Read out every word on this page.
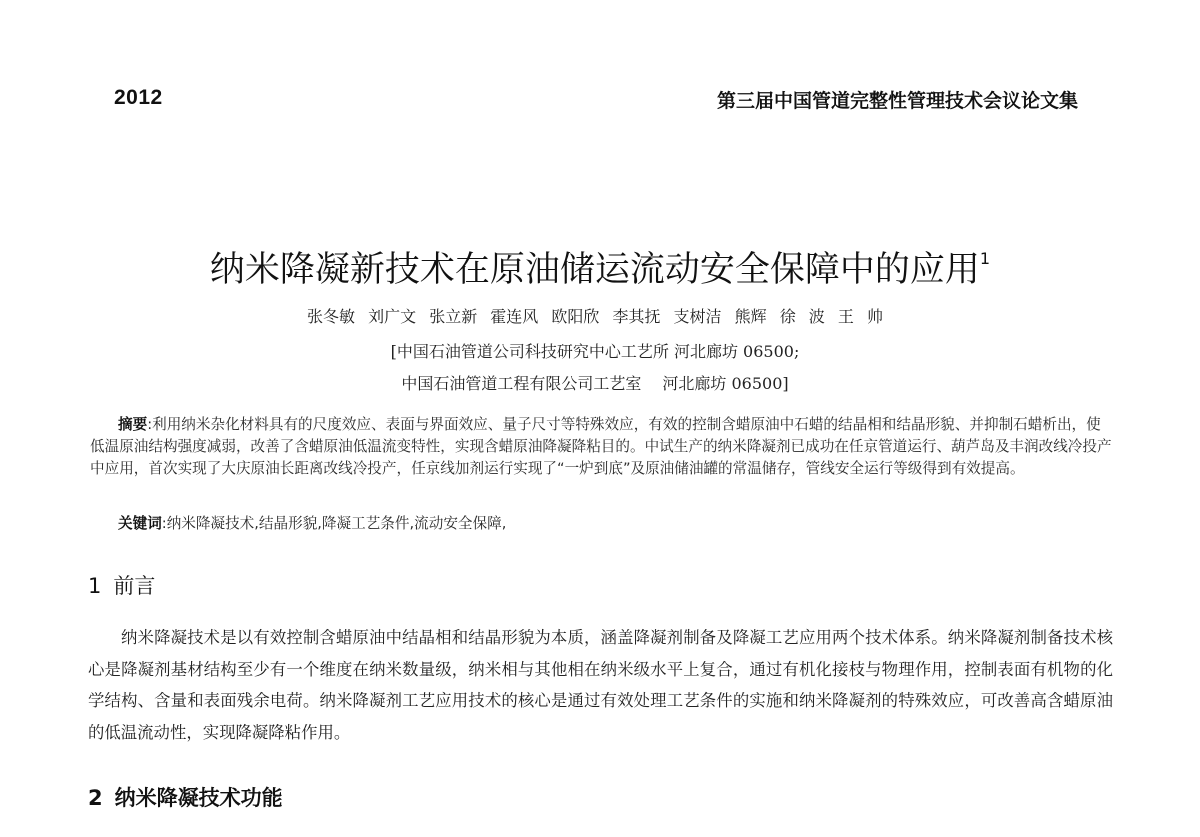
2012	第三届中国管道完整性管理技术会议论文集
纳米降凝新技术在原油储运流动安全保障中的应用$^1$
张冬敏 刘广文 张立新 霍连风 欧阳欣 李其抚 支树洁 熊辉 徐 波 王 帅
[中国石油管道公司科技研究中心工艺所 河北廊坊 06500;
中国石油管道工程有限公司工艺室　 河北廊坊 06500]
摘要:利用纳米杂化材料具有的尺度效应、表面与界面效应、量子尺寸等特殊效应，有效的控制含蜡原油中石蜡的结晶相和结晶形貌、并抑制石蜡析出，使低温原油结构强度减弱，改善了含蜡原油低温流变特性，实现含蜡原油降凝降粘目的。中试生产的纳米降凝剂已成功在任京管道运行、葫芦岛及丰润改线冷投产中应用，首次实现了大庆原油长距离改线冷投产，任京线加剂运行实现了“一炉到底”及原油储油罐的常温储存，管线安全运行等级得到有效提高。
关键词:纳米降凝技术,结晶形貌,降凝工艺条件,流动安全保障,
1 前言
纳米降凝技术是以有效控制含蜡原油中结晶相和结晶形貌为本质，涵盖降凝剂制备及降凝工艺应用两个技术体系。纳米降凝剂制备技术核心是降凝剂基材结构至少有一个维度在纳米数量级，纳米相与其他相在纳米级水平上复合，通过有机化接枝与物理作用，控制表面有机物的化学结构、含量和表面残余电荷。纳米降凝剂工艺应用技术的核心是通过有效处理工艺条件的实施和纳米降凝剂的特殊效应，可改善高含蜡原油的低温流动性，实现降凝降粘作用。
2 纳米降凝技术功能
